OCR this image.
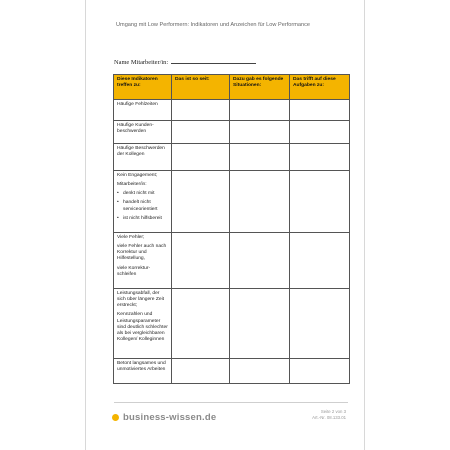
Umgang mit Low Performern: Indikatoren und Anzeichen für Low Performance
Name Mitarbeiter/in:
Diese Indikatoren treffen zu:	Das ist so seit:	Dazu gab es folgende Situationen:	Das trifft auf diese Aufgaben zu:

Häufige Fehlzeiten			

Häufige Kunden-beschwerden			

Häufige Beschwerden der Kollegen			

Kein Engagement;
Mitarbeiter/in:
• denkt nicht mit
• handelt nicht serviceorientiert
• ist nicht hilfsbereit

Viele Fehler;
viele Fehler auch nach Korrektur und Hilfestellung,
viele Korrektur-schleifen			

Leistungsabfall, der sich über längere Zeit erstreckt;
Kennzahlen und Leistungsparameter sind deutlich schlechter als bei vergleichbaren Kollegen/ Kolleginnen			

Betont langsames und unmotiviertes Arbeiten			

business-wissen.de
Seite 2 von 3
Art.-Nr. 08.133.01
